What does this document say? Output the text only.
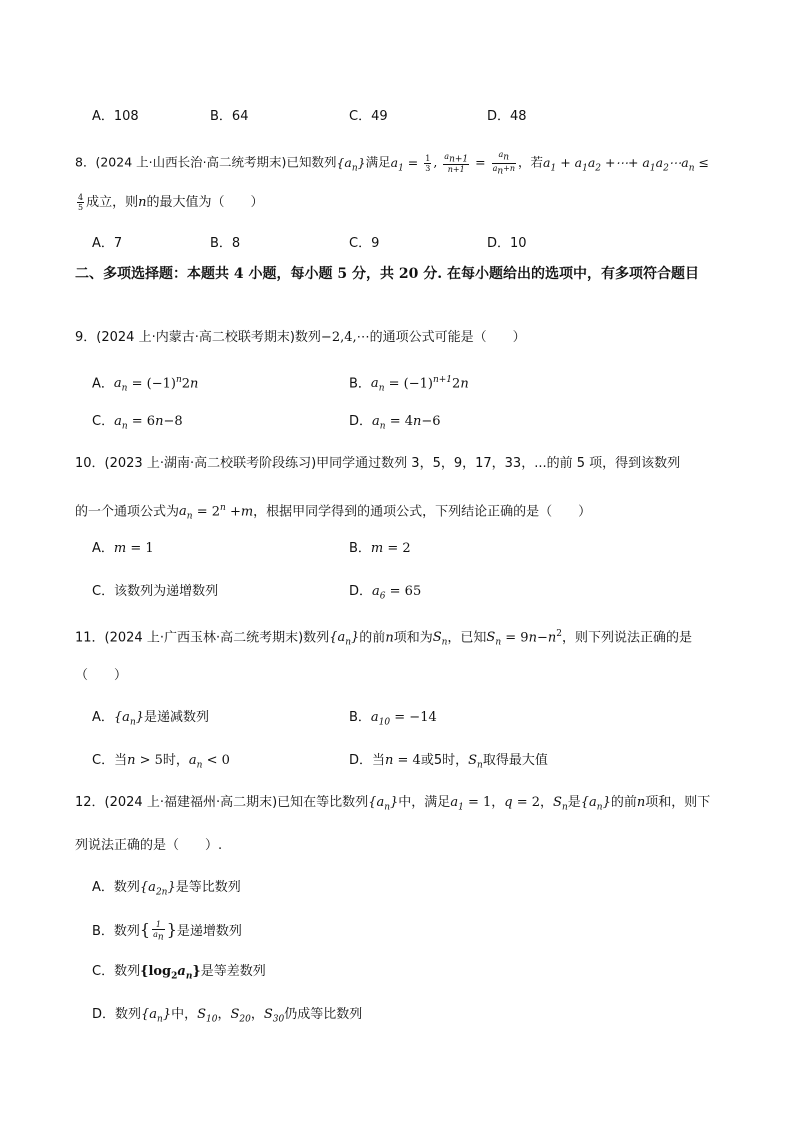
A．108	B．64	C．49	D．48
8．(2024 上·山西长治·高二统考期末)已知数列$\{a_n\}$满足$a_1 = \frac{1}{3}$ , $\frac{a_{n+1}}{n+1} = \frac{a_n}{a_n+n}$ ，若$a_1 + a_1a_2$ +⋯+ $a_1a_2\cdots a_n$ ≤
$\frac{4}{5}$ 成立，则n的最大值为（　　）
A．7	B．8	C．9	D．10
二、多项选择题：本题共 4 小题，每小题 5 分，共 20 分. 在每小题给出的选项中，有多项符合题目
9．(2024 上·内蒙古·高二校联考期末)数列−2,4,⋯的通项公式可能是（　　）
A．$a_n = (-1)^n2n$	B．$a_n = (-1)^{n+1}2n$
C．$a_n = 6n-8$	D．$a_n = 4n-6$
10．(2023 上·湖南·高二校联考阶段练习)甲同学通过数列 3，5，9，17，33，...的前 5 项，得到该数列
的一个通项公式为$a_n = 2^n +m$，根据甲同学得到的通项公式，下列结论正确的是（　　）
A．m = 1	B．m = 2
C．该数列为递增数列	D．$a_6 = 65$
11．(2024 上·广西玉林·高二统考期末)数列$\{a_n\}$的前n项和为$S_n$，已知$S_n = 9n-n^2$，则下列说法正确的是
（　　）
A．$\{a_n\}$是递减数列	B．$a_{10} = -14$
C．当n > 5时，$a_n < 0$	D．当n = 4或5时，$S_n$取得最大值
12．(2024 上·福建福州·高二期末)已知在等比数列$\{a_n\}$中，满足$a_1 = 1$，q = 2，$S_n$是$\{a_n\}$的前n项和，则下
列说法正确的是（　　）.
A．数列$\{a_{2n}\}$是等比数列
B．数列{ $\frac{1}{a_n}$ }是递增数列
C．数列$\{\log_2a_n\}$是等差数列
D．数列$\{a_n\}$中，$S_{10}$，$S_{20}$，$S_{30}$仍成等比数列
